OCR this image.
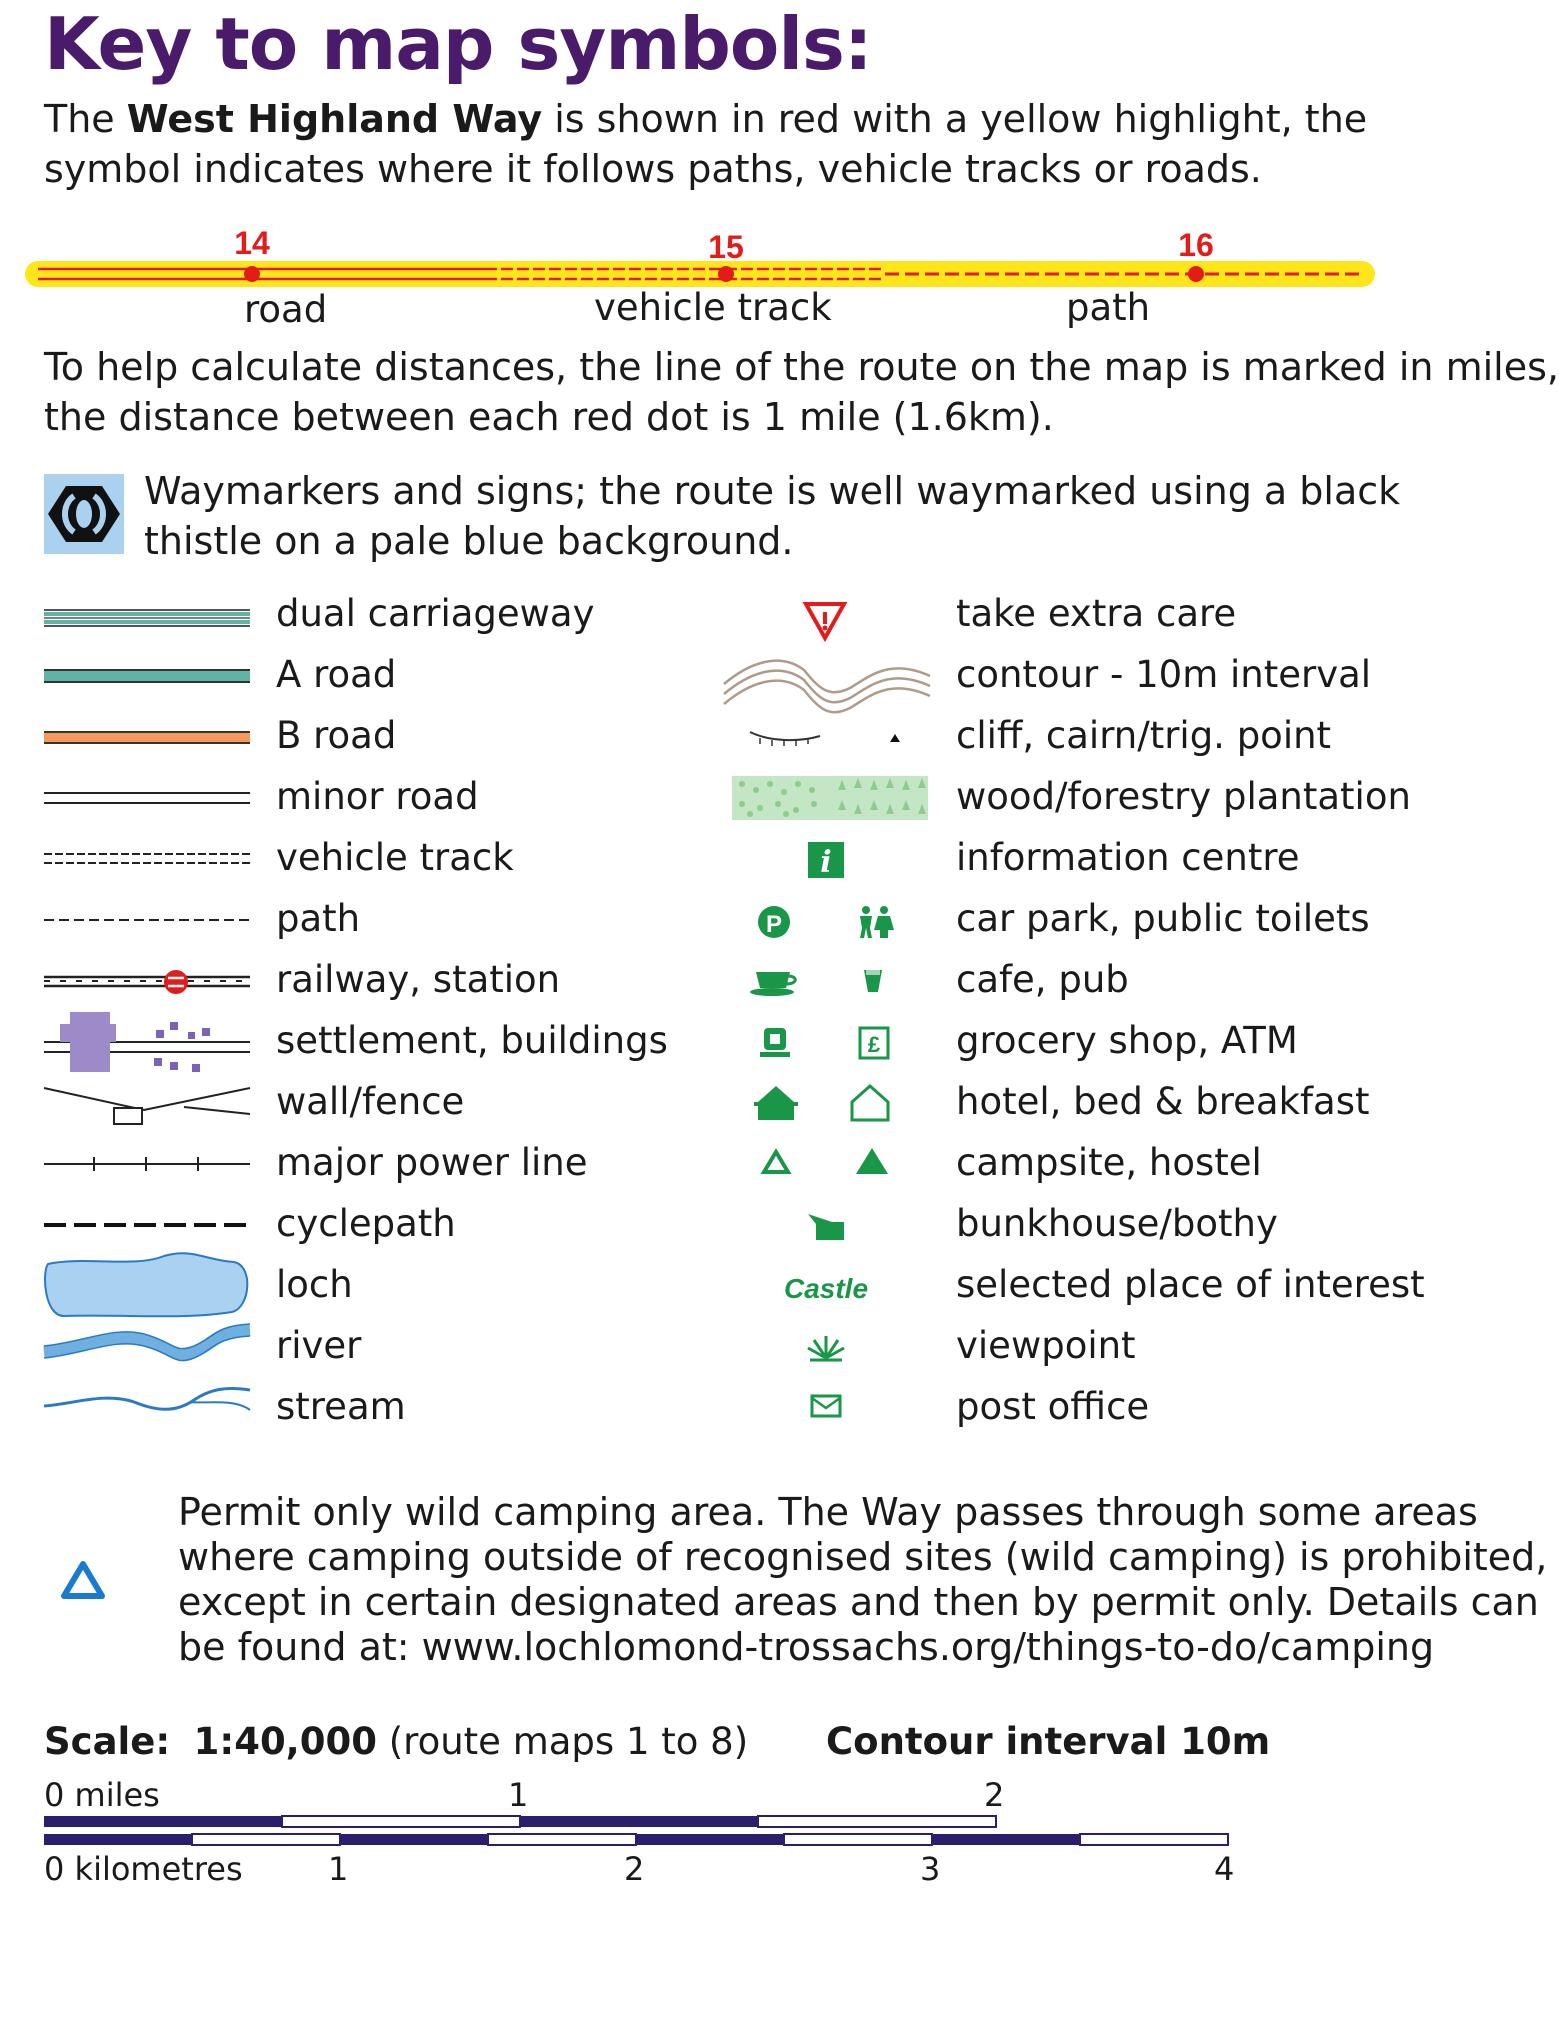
Key to map symbols:
The West Highland Way is shown in red with a yellow highlight, the
symbol indicates where it follows paths, vehicle tracks or roads.
14	15	16
road	vehicle track	path
To help calculate distances, the line of the route on the map is marked in miles,
the distance between each red dot is 1 mile (1.6km).
Waymarkers and signs; the route is well waymarked using a black
thistle on a pale blue background.
dual carriageway
A road
B road
minor road
vehicle track
path
railway, station
settlement, buildings
wall/fence
major power line
cyclepath
loch
river
stream
i
P
£
Castle
take extra care
contour - 10m interval
cliff, cairn/trig. point
wood/forestry plantation
information centre
car park, public toilets
cafe, pub
grocery shop, ATM
hotel, bed & breakfast
campsite, hostel
bunkhouse/bothy
selected place of interest
viewpoint
post office
Permit only wild camping area. The Way passes through some areas
where camping outside of recognised sites (wild camping) is prohibited,
except in certain designated areas and then by permit only. Details can
be found at: www.lochlomond-trossachs.org/things-to-do/camping
Scale: 1:40,000 (route maps 1 to 8) Contour interval 10m
0 miles	1	2
0 kilometres	1	2	3	4
